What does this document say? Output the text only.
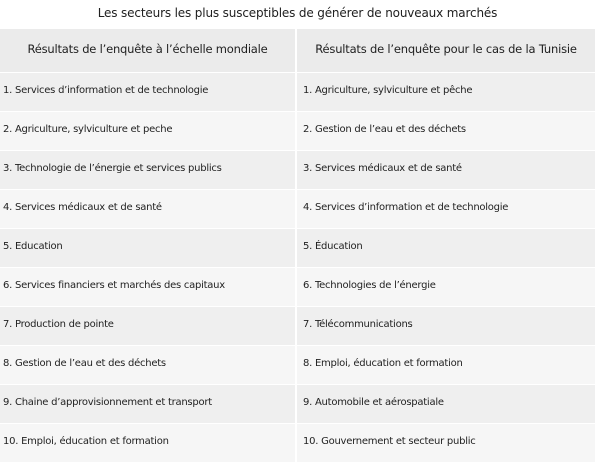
Les secteurs les plus susceptibles de générer de nouveaux marchés
Résultats de l’enquête à l’échelle mondiale
1. Services d’information et de technologie
2. Agriculture, sylviculture et peche
3. Technologie de l’énergie et services publics
4. Services médicaux et de santé
5. Education
6. Services financiers et marchés des capitaux
7. Production de pointe
8. Gestion de l’eau et des déchets
9. Chaine d’approvisionnement et transport
10. Emploi, éducation et formation
Résultats de l’enquête pour le cas de la Tunisie
1. Agriculture, sylviculture et pêche
2. Gestion de l’eau et des déchets
3. Services médicaux et de santé
4. Services d’information et de technologie
5. Éducation
6. Technologies de l’énergie
7. Télécommunications
8. Emploi, éducation et formation
9. Automobile et aérospatiale
10. Gouvernement et secteur public
